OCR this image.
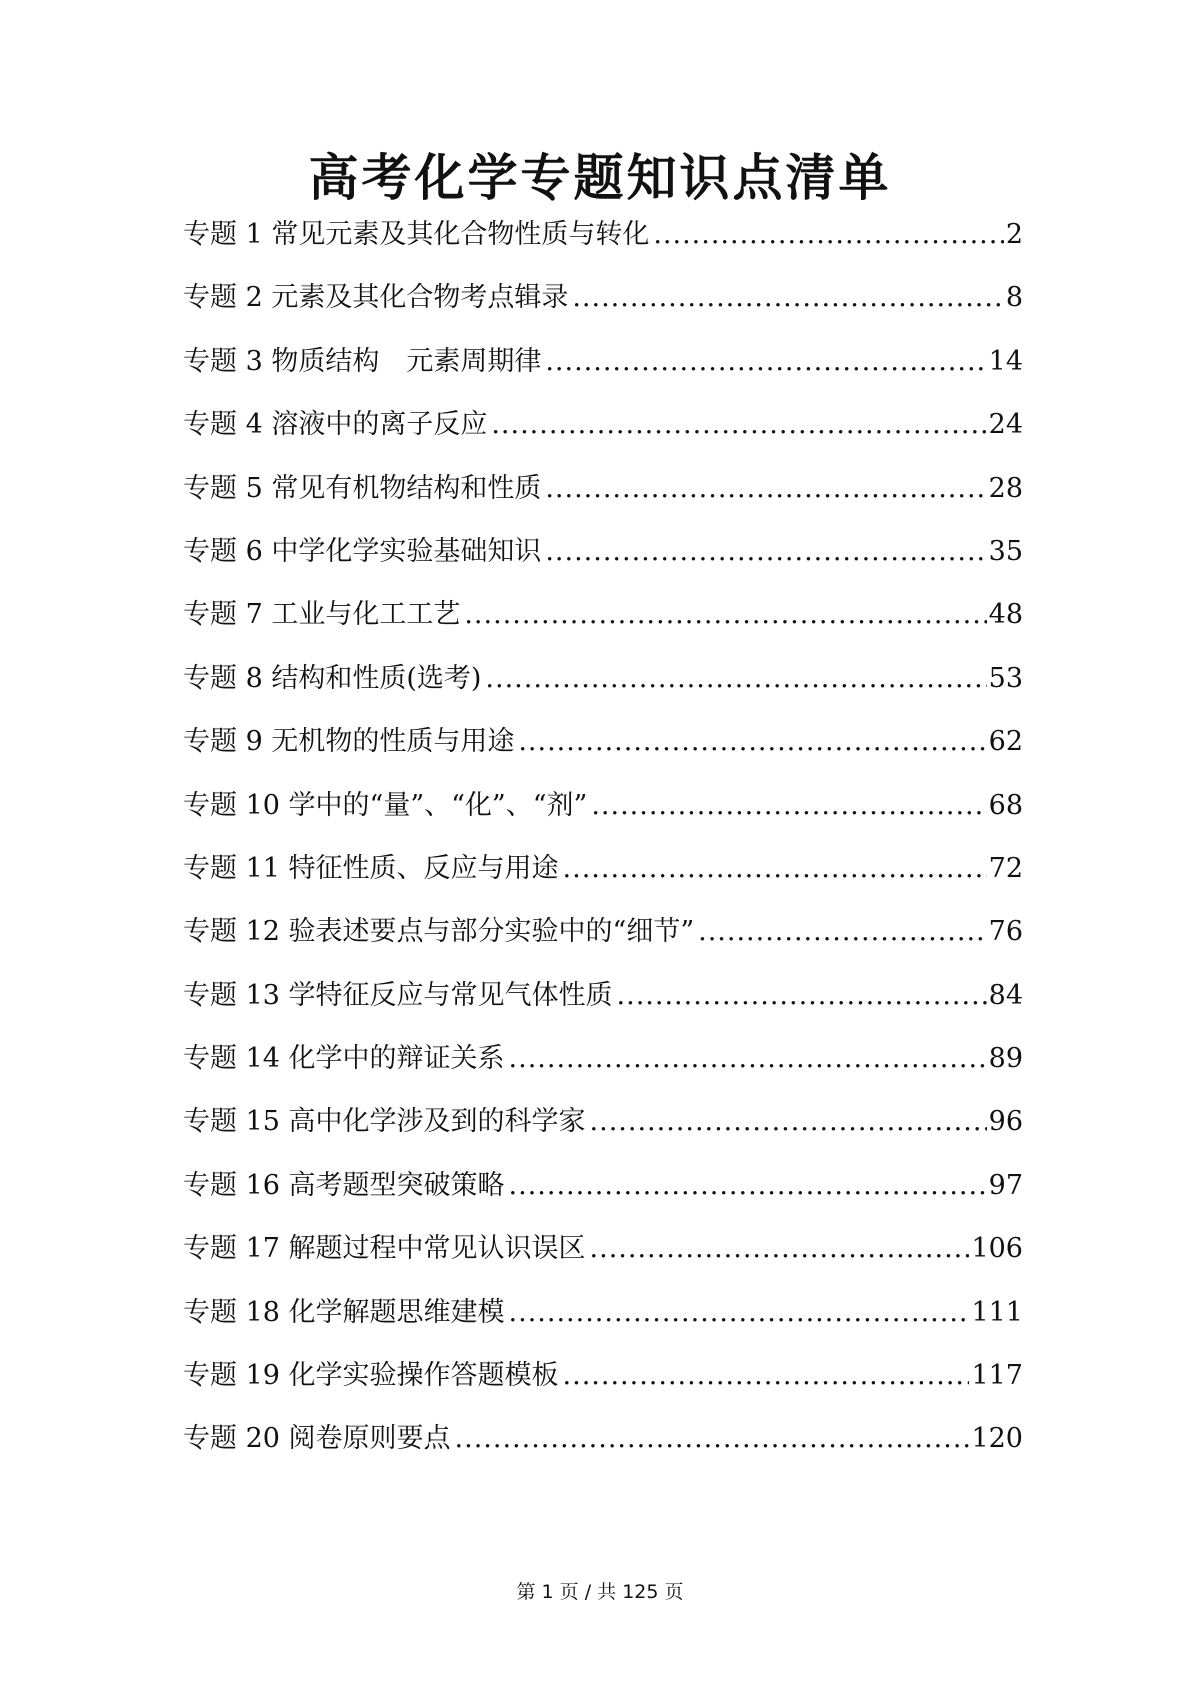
高考化学专题知识点清单
专题 1 常见元素及其化合物性质与转化 .....	2
专题 2 元素及其化合物考点辑录 .....	8
专题 3 物质结构　元素周期律 .....	14
专题 4 溶液中的离子反应 .....	24
专题 5 常见有机物结构和性质 .....	28
专题 6 中学化学实验基础知识 .....	35
专题 7 工业与化工工艺 .....	48
专题 8 结构和性质(选考) .....	53
专题 9 无机物的性质与用途 .....	62
专题 10 学中的“量”、“化”、“剂” .....	68
专题 11 特征性质、反应与用途 .....	72
专题 12 验表述要点与部分实验中的“细节” .....	76
专题 13 学特征反应与常见气体性质 .....	84
专题 14 化学中的辩证关系 .....	89
专题 15 高中化学涉及到的科学家 .....	96
专题 16 高考题型突破策略 .....	97
专题 17 解题过程中常见认识误区 .....	106
专题 18 化学解题思维建模 .....	111
专题 19 化学实验操作答题模板 .....	117
专题 20 阅卷原则要点 .....	120

第 1 页 / 共 125 页
